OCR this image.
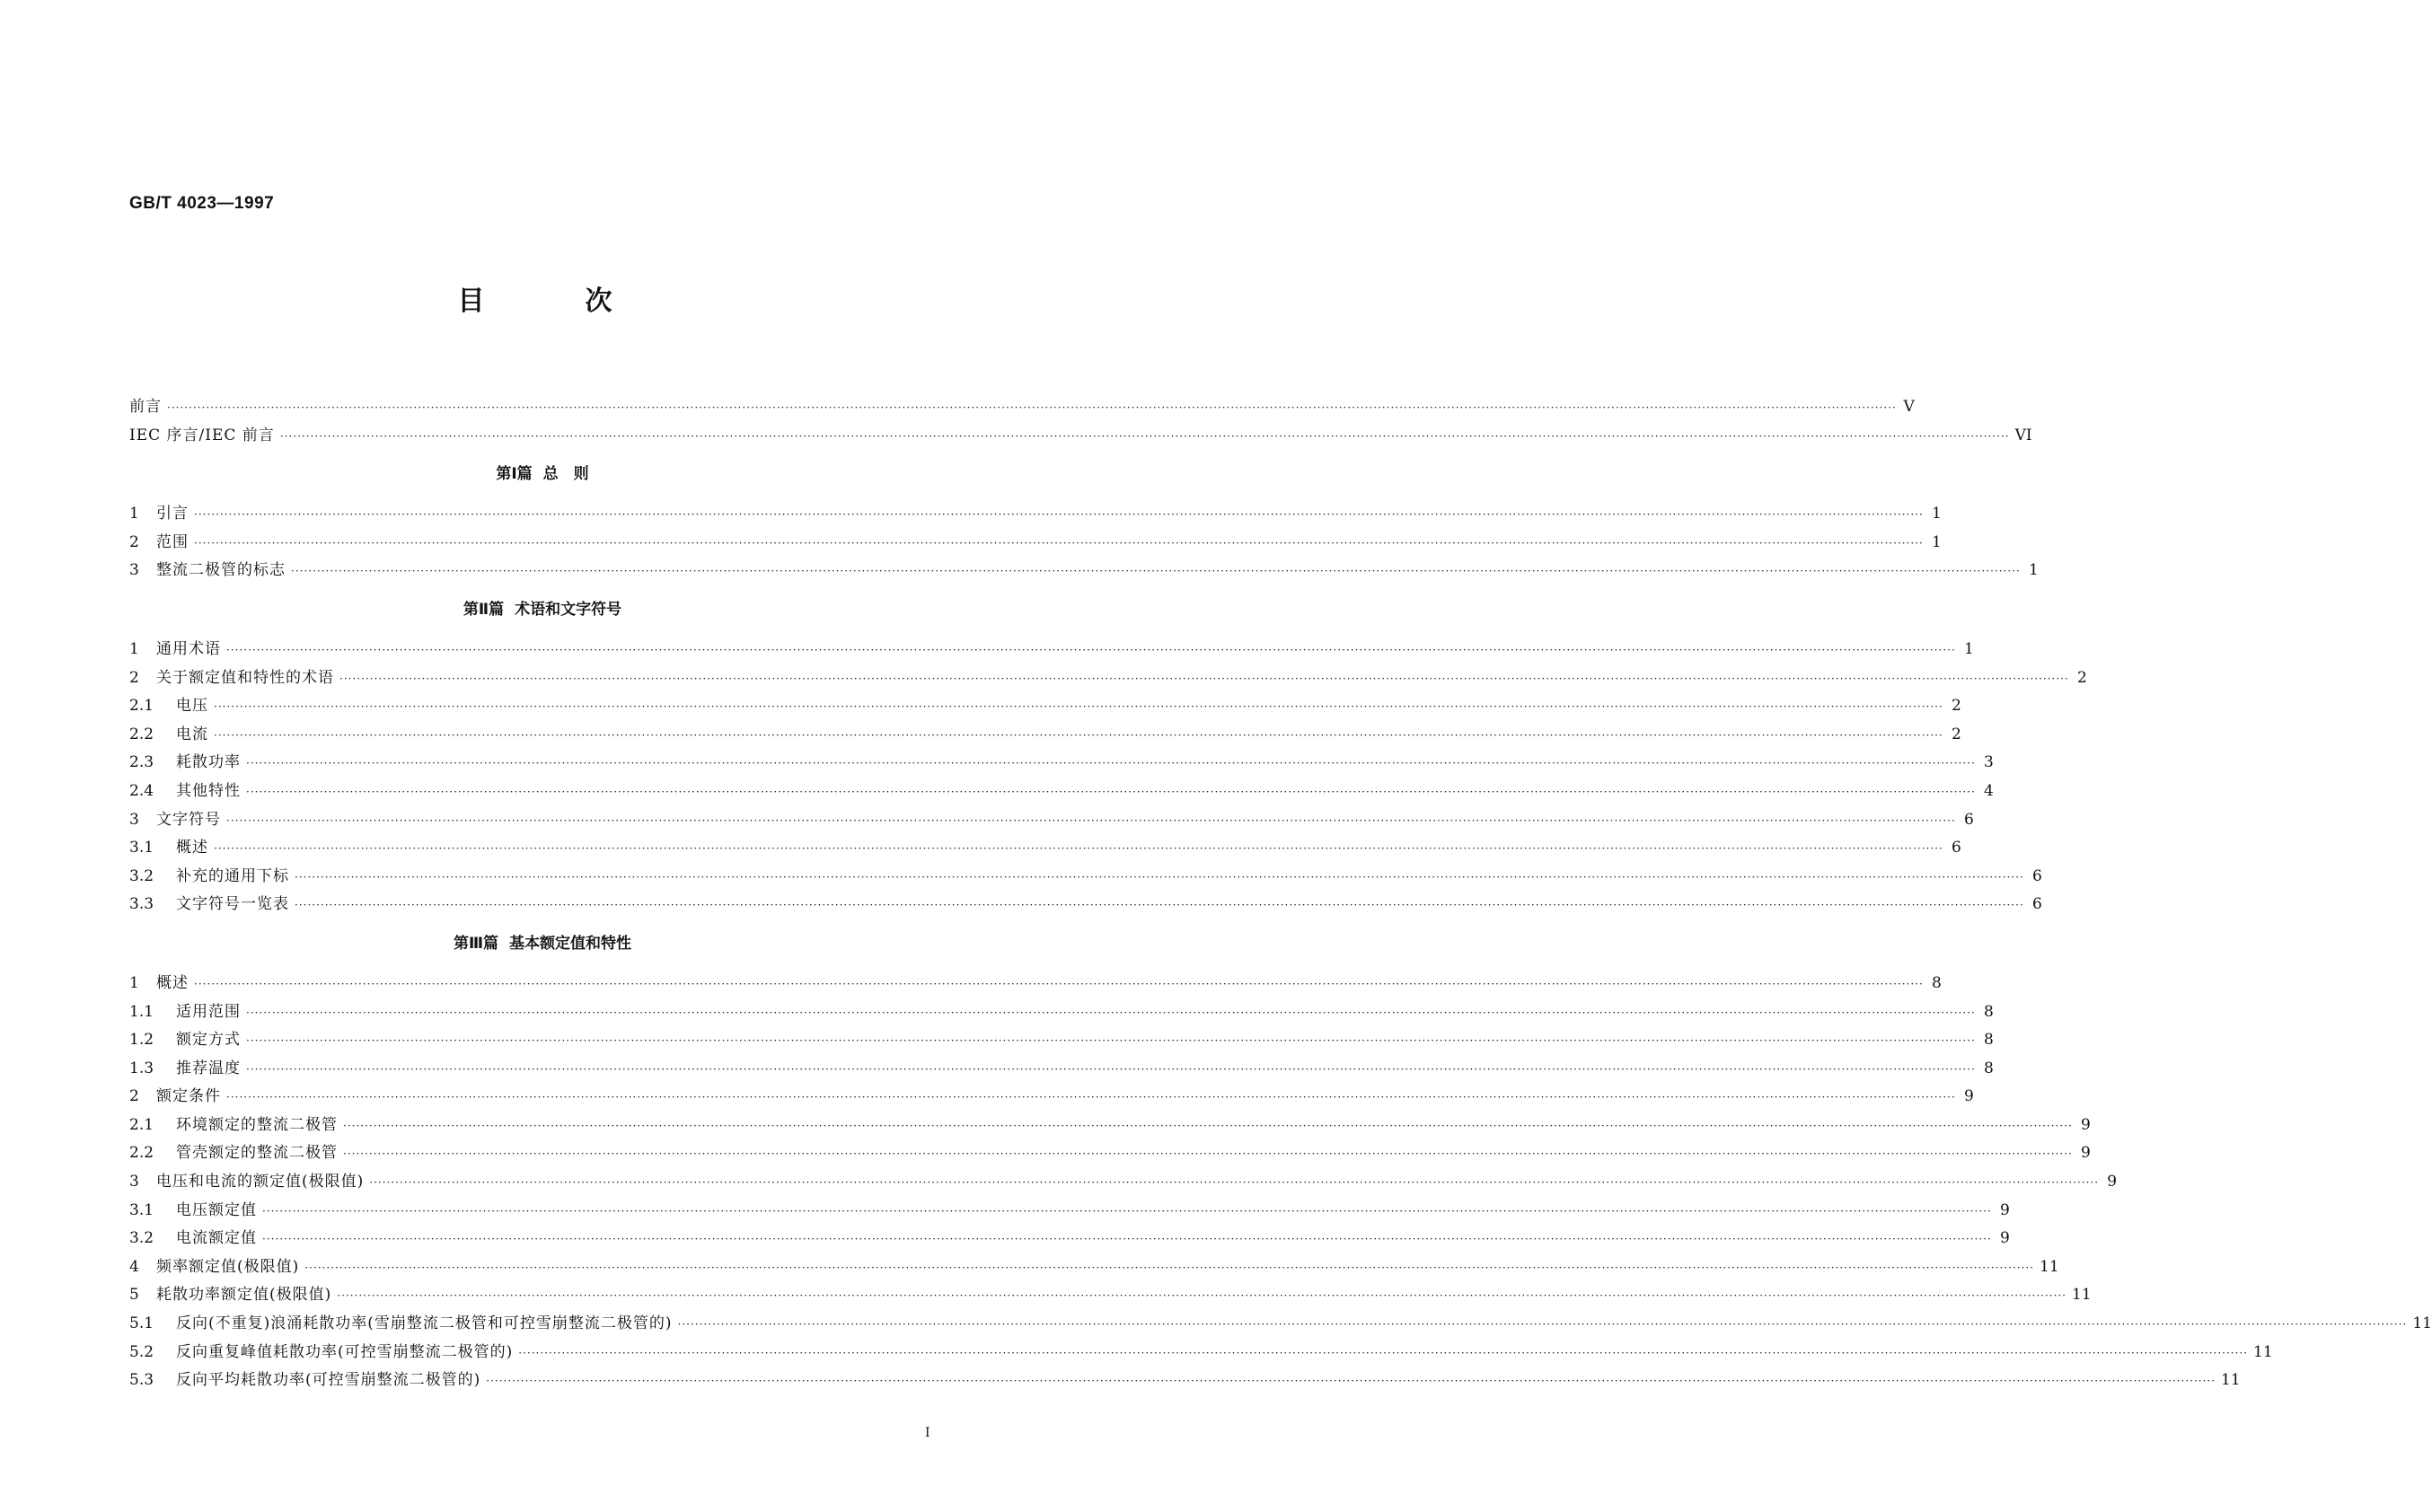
GB/T 4023—1997
目次
前言 ················································································································································································································································································································································································································ V
IEC 序言/IEC 前言 ················································································································································································································································································································································································································ VI
第Ⅰ篇 总　则
1	引言 ················································································································································································································································································································································································································ 1
2	范围 ················································································································································································································································································································································································································ 1
3	整流二极管的标志 ················································································································································································································································································································································································································ 1
第Ⅱ篇 术语和文字符号
1	通用术语 ················································································································································································································································································································································································································ 1
2	关于额定值和特性的术语 ················································································································································································································································································································································································································ 2
2.1	电压 ················································································································································································································································································································································································································ 2
2.2	电流 ················································································································································································································································································································································································································ 2
2.3	耗散功率 ················································································································································································································································································································································································································ 3
2.4	其他特性 ················································································································································································································································································································································································································ 4
3	文字符号 ················································································································································································································································································································································································································ 6
3.1	概述 ················································································································································································································································································································································································································ 6
3.2	补充的通用下标 ················································································································································································································································································································································································································ 6
3.3	文字符号一览表 ················································································································································································································································································································································································································ 6
第Ⅲ篇 基本额定值和特性
1	概述 ················································································································································································································································································································································································································ 8
1.1	适用范围 ················································································································································································································································································································································································································ 8
1.2	额定方式 ················································································································································································································································································································································································································ 8
1.3	推荐温度 ················································································································································································································································································································································································································ 8
2	额定条件 ················································································································································································································································································································································································································ 9
2.1	环境额定的整流二极管 ················································································································································································································································································································································································································ 9
2.2	管壳额定的整流二极管 ················································································································································································································································································································································································································ 9
3	电压和电流的额定值(极限值) ················································································································································································································································································································································································································ 9
3.1	电压额定值 ················································································································································································································································································································································································································ 9
3.2	电流额定值 ················································································································································································································································································································································································································ 9
4	频率额定值(极限值) ················································································································································································································································································································································································································ 11
5	耗散功率额定值(极限值) ················································································································································································································································································································································································································ 11
5.1	反向(不重复)浪涌耗散功率(雪崩整流二极管和可控雪崩整流二极管的) ················································································································································································································································································································································································································ 11
5.2	反向重复峰值耗散功率(可控雪崩整流二极管的) ················································································································································································································································································································································································································ 11
5.3	反向平均耗散功率(可控雪崩整流二极管的) ················································································································································································································································································································································································································ 11
I
